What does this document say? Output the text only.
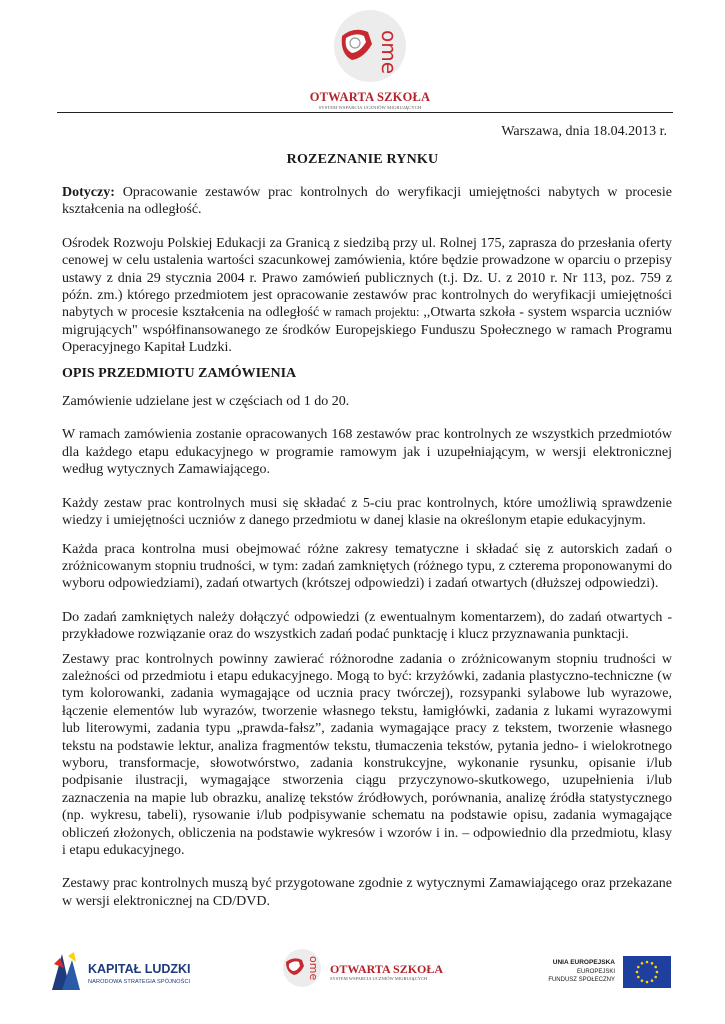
ome
OTWARTA SZKOŁA
SYSTEM WSPARCIA UCZNIÓW MIGRUJĄCYCH
Warszawa, dnia 18.04.2013 r.
ROZEZNANIE RYNKU

Dotyczy: Opracowanie zestawów prac kontrolnych do weryfikacji umiejętności nabytych w procesie kształcenia na odległość.

Ośrodek Rozwoju Polskiej Edukacji za Granicą z siedzibą przy ul. Rolnej 175, zaprasza do przesłania oferty cenowej w celu ustalenia wartości szacunkowej zamówienia, które będzie prowadzone w oparciu o przepisy ustawy z dnia 29 stycznia 2004 r. Prawo zamówień publicznych (t.j. Dz. U. z 2010 r. Nr 113, poz. 759 z późn. zm.) którego przedmiotem jest opracowanie zestawów prac kontrolnych do weryfikacji umiejętności nabytych w procesie kształcenia na odległość w ramach projektu: ,,Otwarta szkoła - system wsparcia uczniów migrujących" współfinansowanego ze środków Europejskiego Funduszu Społecznego w ramach Programu Operacyjnego Kapitał Ludzki.

OPIS PRZEDMIOTU ZAMÓWIENIA

Zamówienie udzielane jest w częściach od 1 do 20.

W ramach zamówienia zostanie opracowanych 168 zestawów prac kontrolnych ze wszystkich przedmiotów dla każdego etapu edukacyjnego w programie ramowym jak i uzupełniającym, w wersji elektronicznej według wytycznych Zamawiającego.

Każdy zestaw prac kontrolnych musi się składać z 5-ciu prac kontrolnych, które umożliwią sprawdzenie wiedzy i umiejętności uczniów z danego przedmiotu w danej klasie na określonym etapie edukacyjnym.

Każda praca kontrolna musi obejmować różne zakresy tematyczne i składać się z autorskich zadań o zróżnicowanym stopniu trudności, w tym: zadań zamkniętych (różnego typu, z czterema proponowanymi do wyboru odpowiedziami), zadań otwartych (krótszej odpowiedzi) i zadań otwartych (dłuższej odpowiedzi).

Do zadań zamkniętych należy dołączyć odpowiedzi (z ewentualnym komentarzem), do zadań otwartych - przykładowe rozwiązanie oraz do wszystkich zadań podać punktację i klucz przyznawania punktacji.

Zestawy prac kontrolnych powinny zawierać różnorodne zadania o zróżnicowanym stopniu trudności w zależności od przedmiotu i etapu edukacyjnego. Mogą to być: krzyżówki, zadania plastyczno-techniczne (w tym kolorowanki, zadania wymagające od ucznia pracy twórczej), rozsypanki sylabowe lub wyrazowe, łączenie elementów lub wyrazów, tworzenie własnego tekstu, łamigłówki, zadania z lukami wyrazowymi lub literowymi, zadania typu „prawda-fałsz”, zadania wymagające pracy z tekstem, tworzenie własnego tekstu na podstawie lektur, analiza fragmentów tekstu, tłumaczenia tekstów, pytania jedno- i wielokrotnego wyboru, transformacje, słowotwórstwo, zadania konstrukcyjne, wykonanie rysunku, opisanie i/lub podpisanie ilustracji, wymagające stworzenia ciągu przyczynowo-skutkowego, uzupełnienia i/lub zaznaczenia na mapie lub obrazku, analizę tekstów źródłowych, porównania, analizę źródła statystycznego (np. wykresu, tabeli), rysowanie i/lub podpisywanie schematu na podstawie opisu, zadania wymagające obliczeń złożonych, obliczenia na podstawie wykresów i wzorów i in. – odpowiednio dla przedmiotu, klasy i etapu edukacyjnego.

Zestawy prac kontrolnych muszą być przygotowane zgodnie z wytycznymi Zamawiającego oraz przekazane w wersji elektronicznej na CD/DVD.

KAPITAŁ LUDZKI
NARODOWA STRATEGIA SPÓJNOŚCI
ome OTWARTA SZKOŁA
SYSTEM WSPARCIA UCZNIÓW MIGRUJĄCYCH
UNIA EUROPEJSKA
EUROPEJSKI
FUNDUSZ SPOŁECZNY
